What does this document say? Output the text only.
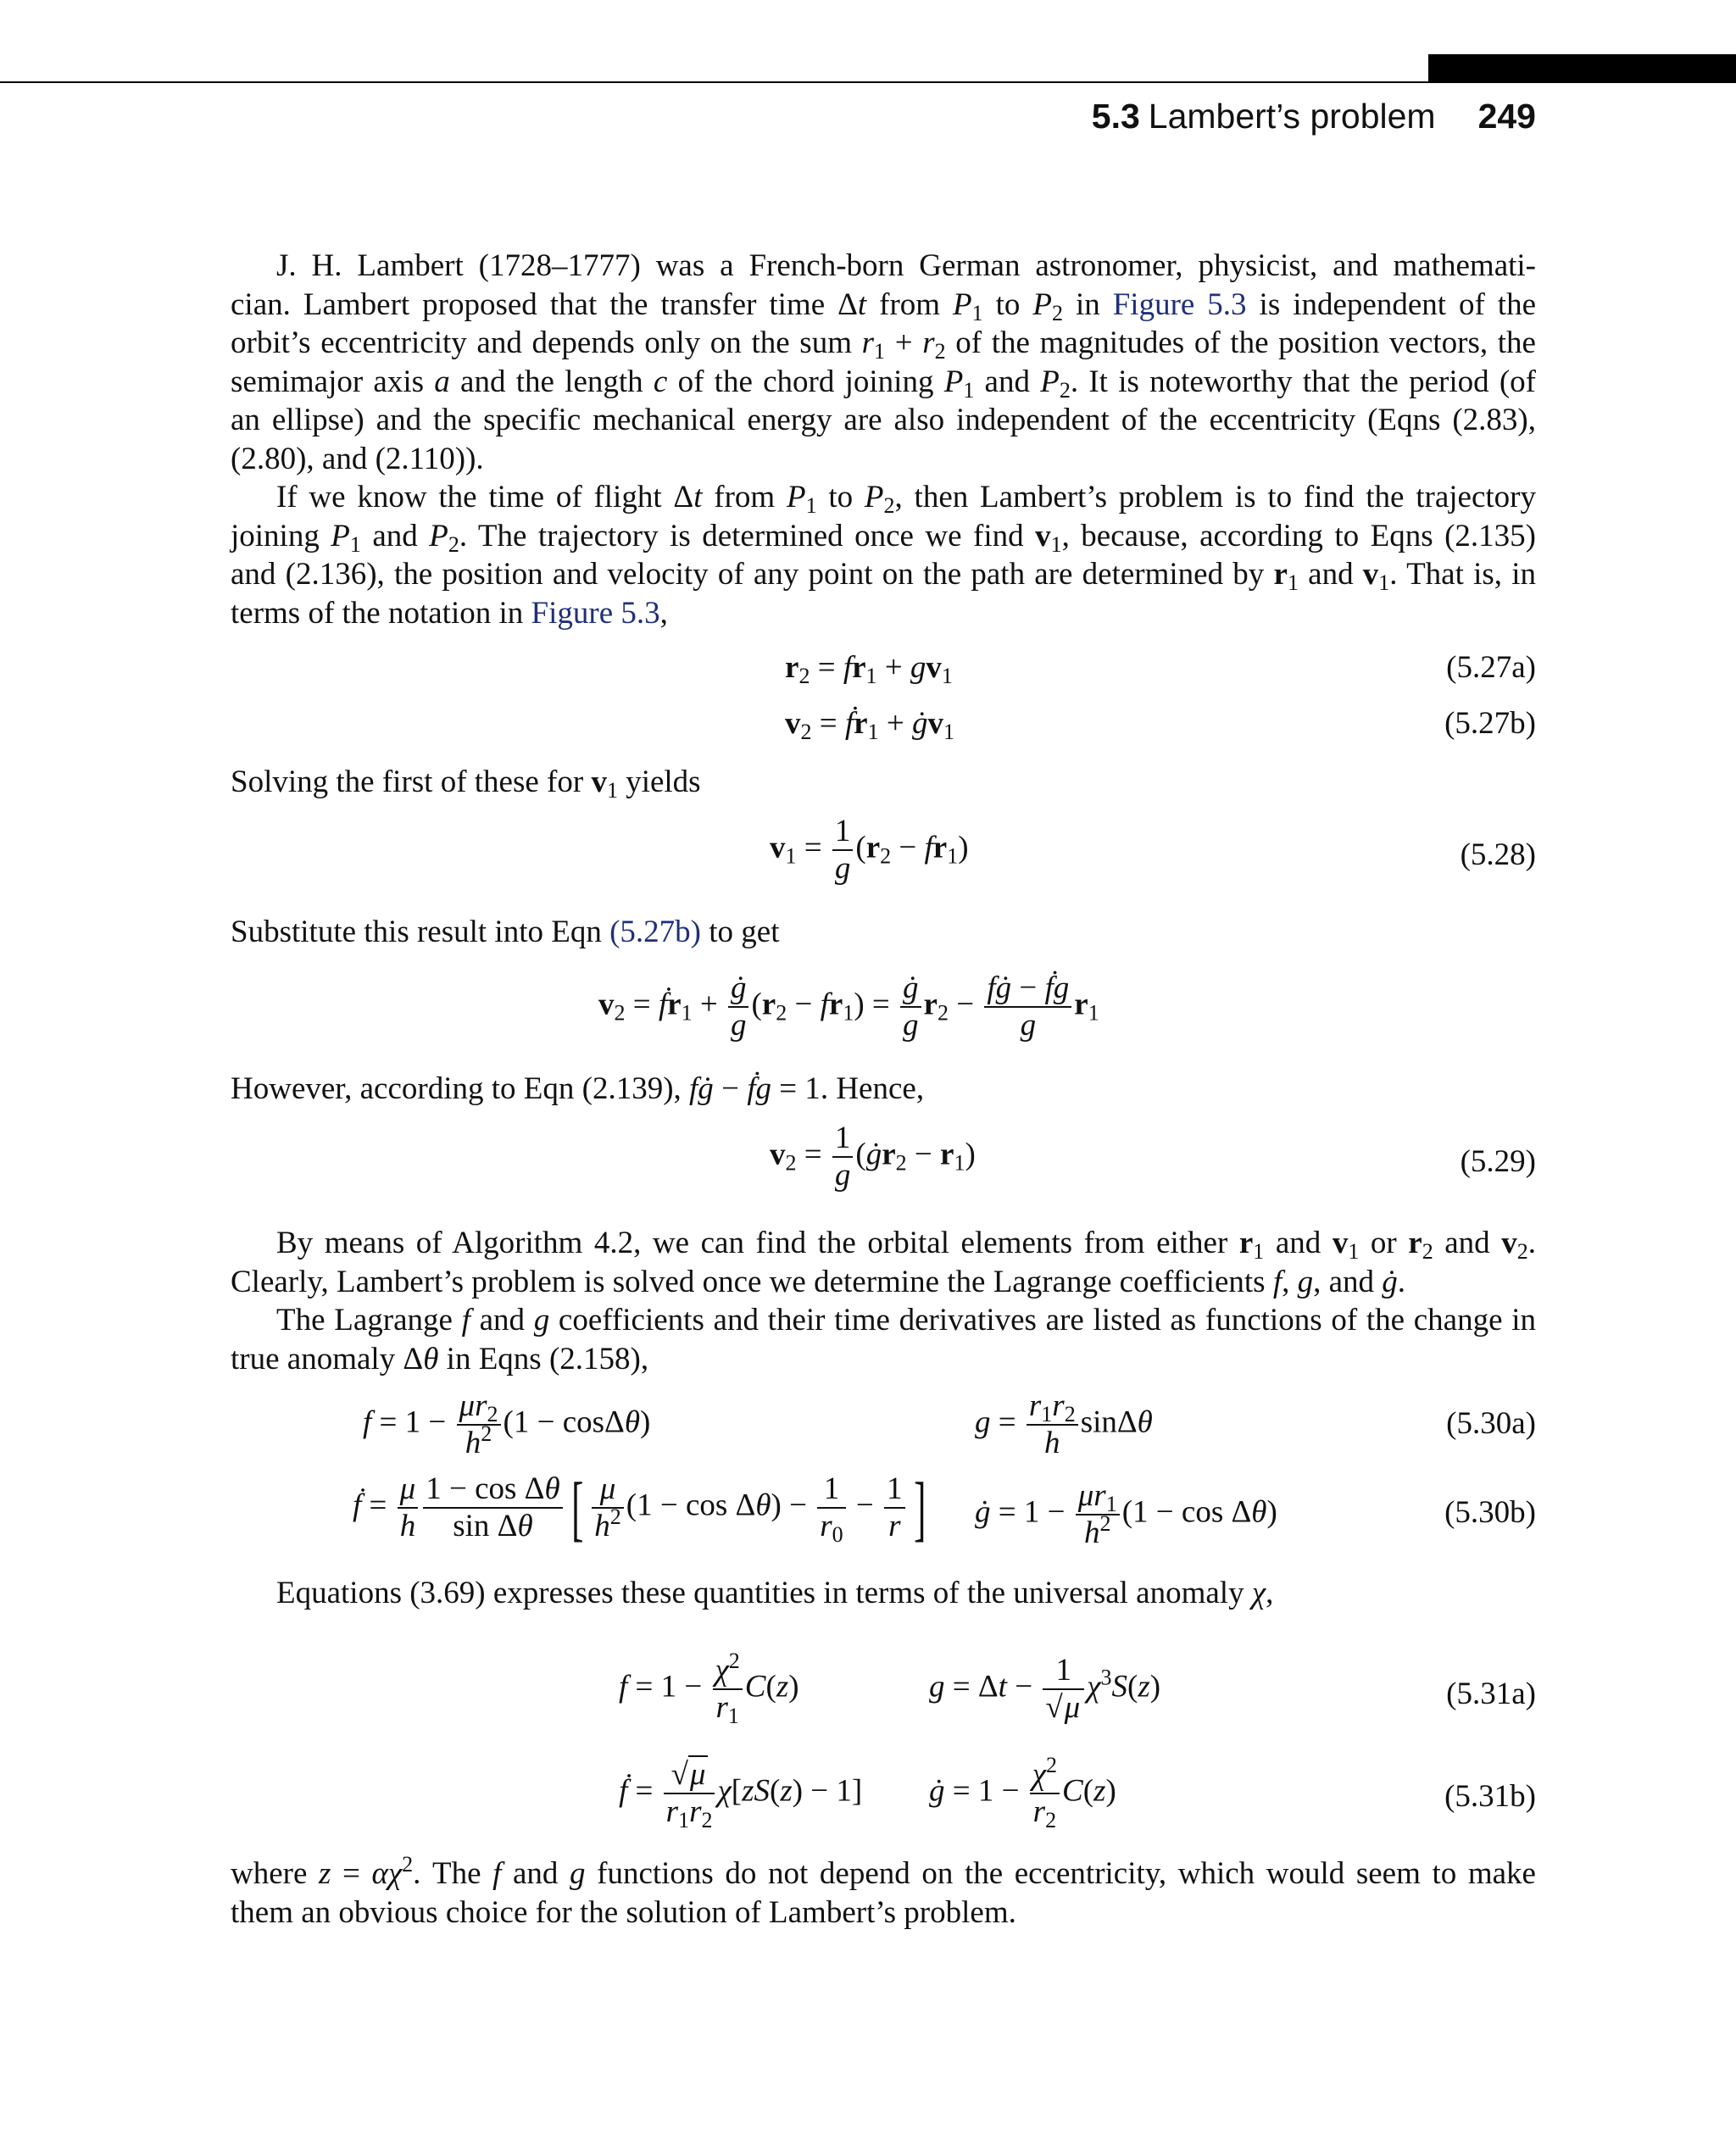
5.3 Lambert’s problem 249
J. H. Lambert (1728–1777) was a French-born German astronomer, physicist, and mathemati-
cian. Lambert proposed that the transfer time Δt from $P_1$ to $P_2$ in Figure 5.3 is independent of the
orbit’s eccentricity and depends only on the sum $r_1 + r_2$ of the magnitudes of the position vectors, the
semimajor axis a and the length c of the chord joining $P_1$ and $P_2$. It is noteworthy that the period (of
an ellipse) and the specific mechanical energy are also independent of the eccentricity (Eqns (2.83),
(2.80), and (2.110)).
If we know the time of flight Δt from $P_1$ to $P_2$, then Lambert’s problem is to find the trajectory
joining $P_1$ and $P_2$. The trajectory is determined once we find $v_1$, because, according to Eqns (2.135)
and (2.136), the position and velocity of any point on the path are determined by $r_1$ and $v_1$. That is, in
terms of the notation in Figure 5.3,
$r_2 = fr_1 + gv_1$	(5.27a)
$v_2$ = ḟr$_1$ + $ġv_1$	(5.27b)
Solving the first of these for $v_1$ yields
$v_1 = \frac{1}{g} (r_2 - fr_1)$	(5.28)
Substitute this result into Eqn (5.27b) to get
$v_2$ = ḟr$_1$ + $\frac{ġ}{g} (r_2 - fr_1) = \frac{ġ}{g} r_2 - \frac{\text{fġ − ḟg}}{g} r_1$
However, according to Eqn (2.139), fġ − ḟg = 1. Hence,
$v_2 = \frac{1}{g}$ $(ġr_2 - r_1)$	(5.29)
By means of Algorithm 4.2, we can find the orbital elements from either $r_1$ and $v_1$ or $r_2$ and $v_2$.
Clearly, Lambert’s problem is solved once we determine the Lagrange coefficients f, g, and ġ.
The Lagrange f and g coefficients and their time derivatives are listed as functions of the change in
true anomaly Δθ in Eqns (2.158),
$f = 1 - \frac{\mu r_2}{h^2} (1 - \cos\Delta\theta)$	$g = \frac{r_1r_2}{h}$ sinΔθ	(5.30a)
ḟ = $\frac{\mu}{h} \frac{\text{1 − cos Δθ}}{\text{sin Δθ}}$ [ $\frac{\mu}{h^2} (1 - \cos \Delta\theta) - \frac{1}{r_0} - \frac{1}{r}$ ] ġ = $1 - \frac{\mu r_1}{h^2} (1 - \cos \Delta\theta)$	(5.30b)
Equations (3.69) expresses these quantities in terms of the universal anomaly χ,
$f = 1 - \frac{\chi^2}{r_1} C(z)$	$g = \Delta t - \frac{1}{√\mu} \chi^3S(z)$	(5.31a)
ḟ = $\frac{√\mu}{r_1r_2} \chi[zS(z) - 1]$ ġ = $1 - \frac{\chi^2}{r_2} C(z)$	(5.31b)
where $z = \alpha\chi^2$. The f and g functions do not depend on the eccentricity, which would seem to make
them an obvious choice for the solution of Lambert’s problem.
